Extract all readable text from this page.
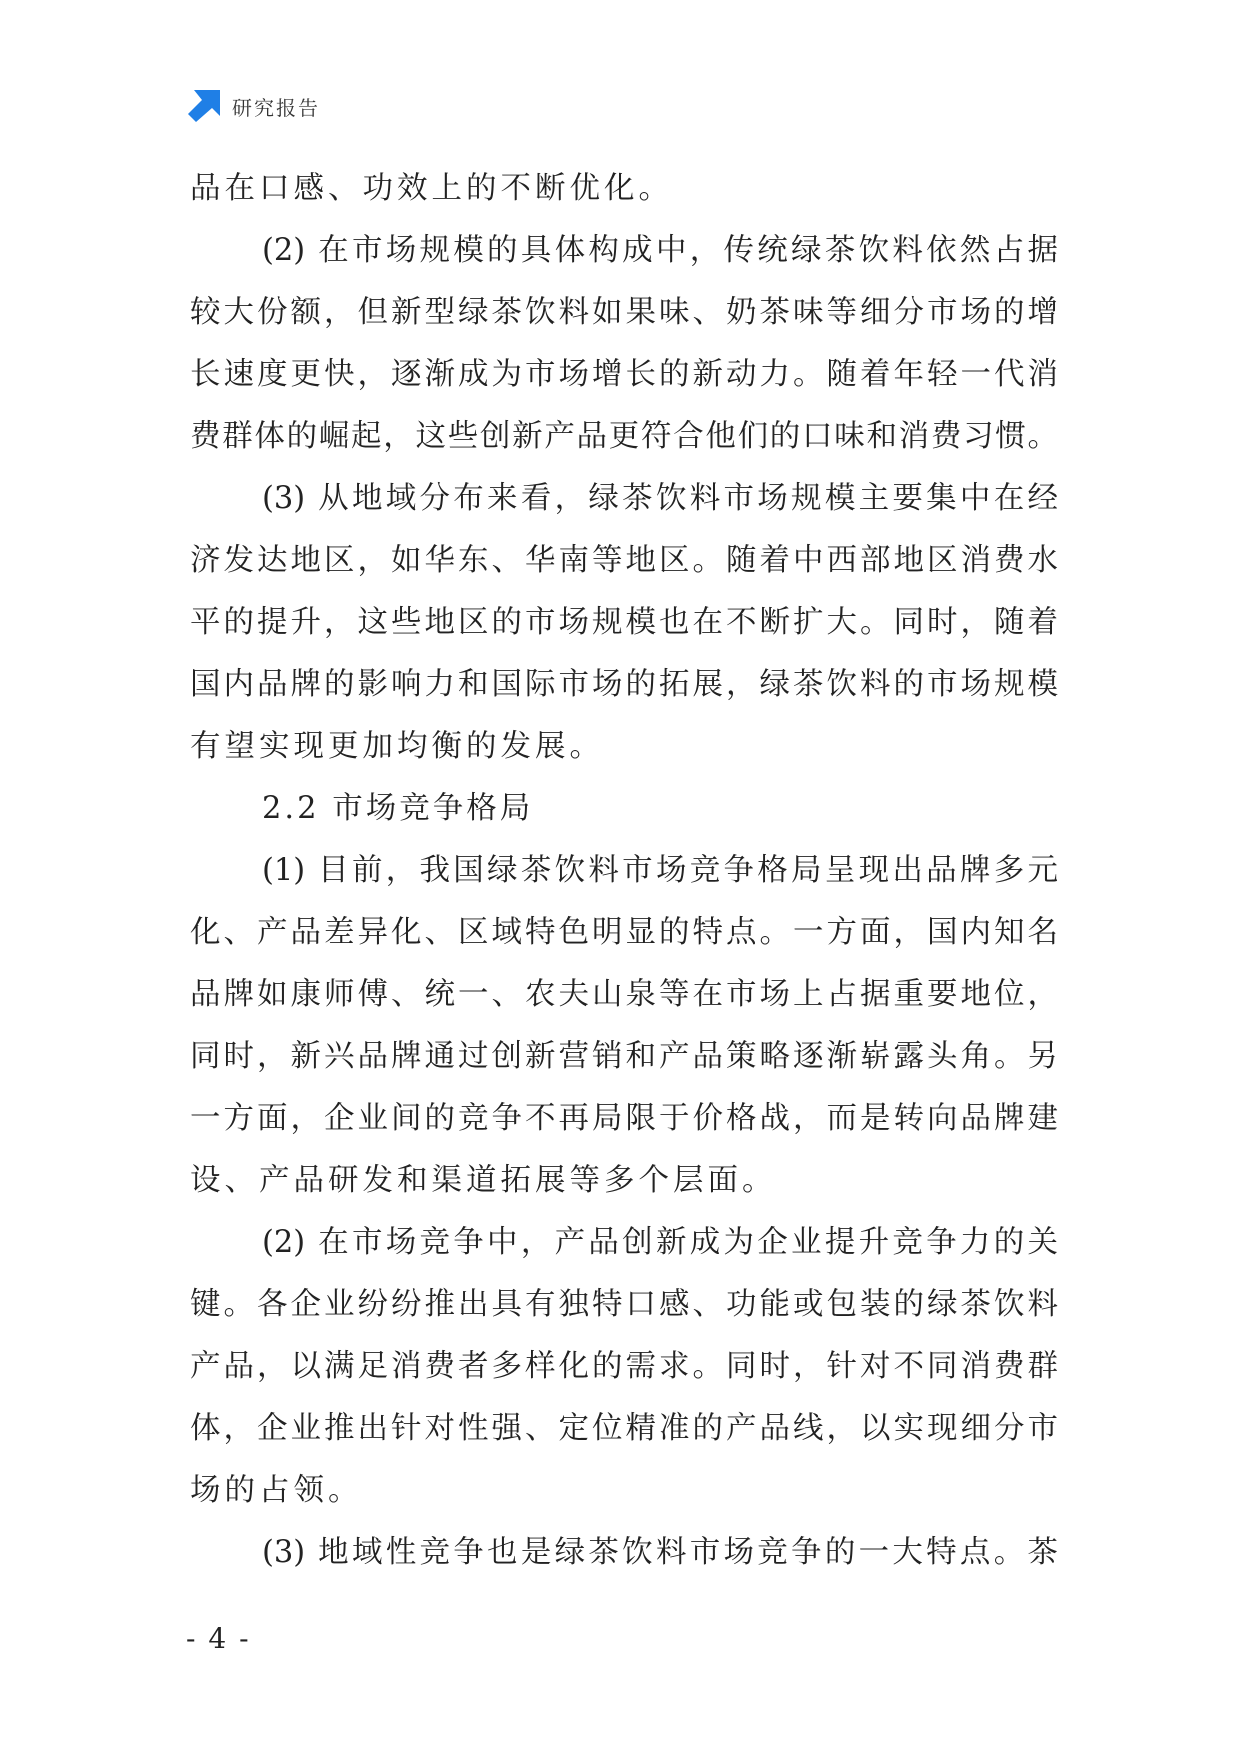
研究报告
品在口感、功效上的不断优化。
(2) 在市场规模的具体构成中，传统绿茶饮料依然占据
较大份额，但新型绿茶饮料如果味、奶茶味等细分市场的增
长速度更快，逐渐成为市场增长的新动力。随着年轻一代消
费群体的崛起，这些创新产品更符合他们的口味和消费习惯。
(3) 从地域分布来看，绿茶饮料市场规模主要集中在经
济发达地区，如华东、华南等地区。随着中西部地区消费水
平的提升，这些地区的市场规模也在不断扩大。同时，随着
国内品牌的影响力和国际市场的拓展，绿茶饮料的市场规模
有望实现更加均衡的发展。
2.2 市场竞争格局
(1) 目前，我国绿茶饮料市场竞争格局呈现出品牌多元
化、产品差异化、区域特色明显的特点。一方面，国内知名
品牌如康师傅、统一、农夫山泉等在市场上占据重要地位，
同时，新兴品牌通过创新营销和产品策略逐渐崭露头角。另
一方面，企业间的竞争不再局限于价格战，而是转向品牌建
设、产品研发和渠道拓展等多个层面。
(2) 在市场竞争中，产品创新成为企业提升竞争力的关
键。各企业纷纷推出具有独特口感、功能或包装的绿茶饮料
产品，以满足消费者多样化的需求。同时，针对不同消费群
体，企业推出针对性强、定位精准的产品线，以实现细分市
场的占领。
(3) 地域性竞争也是绿茶饮料市场竞争的一大特点。茶
- 4 -
